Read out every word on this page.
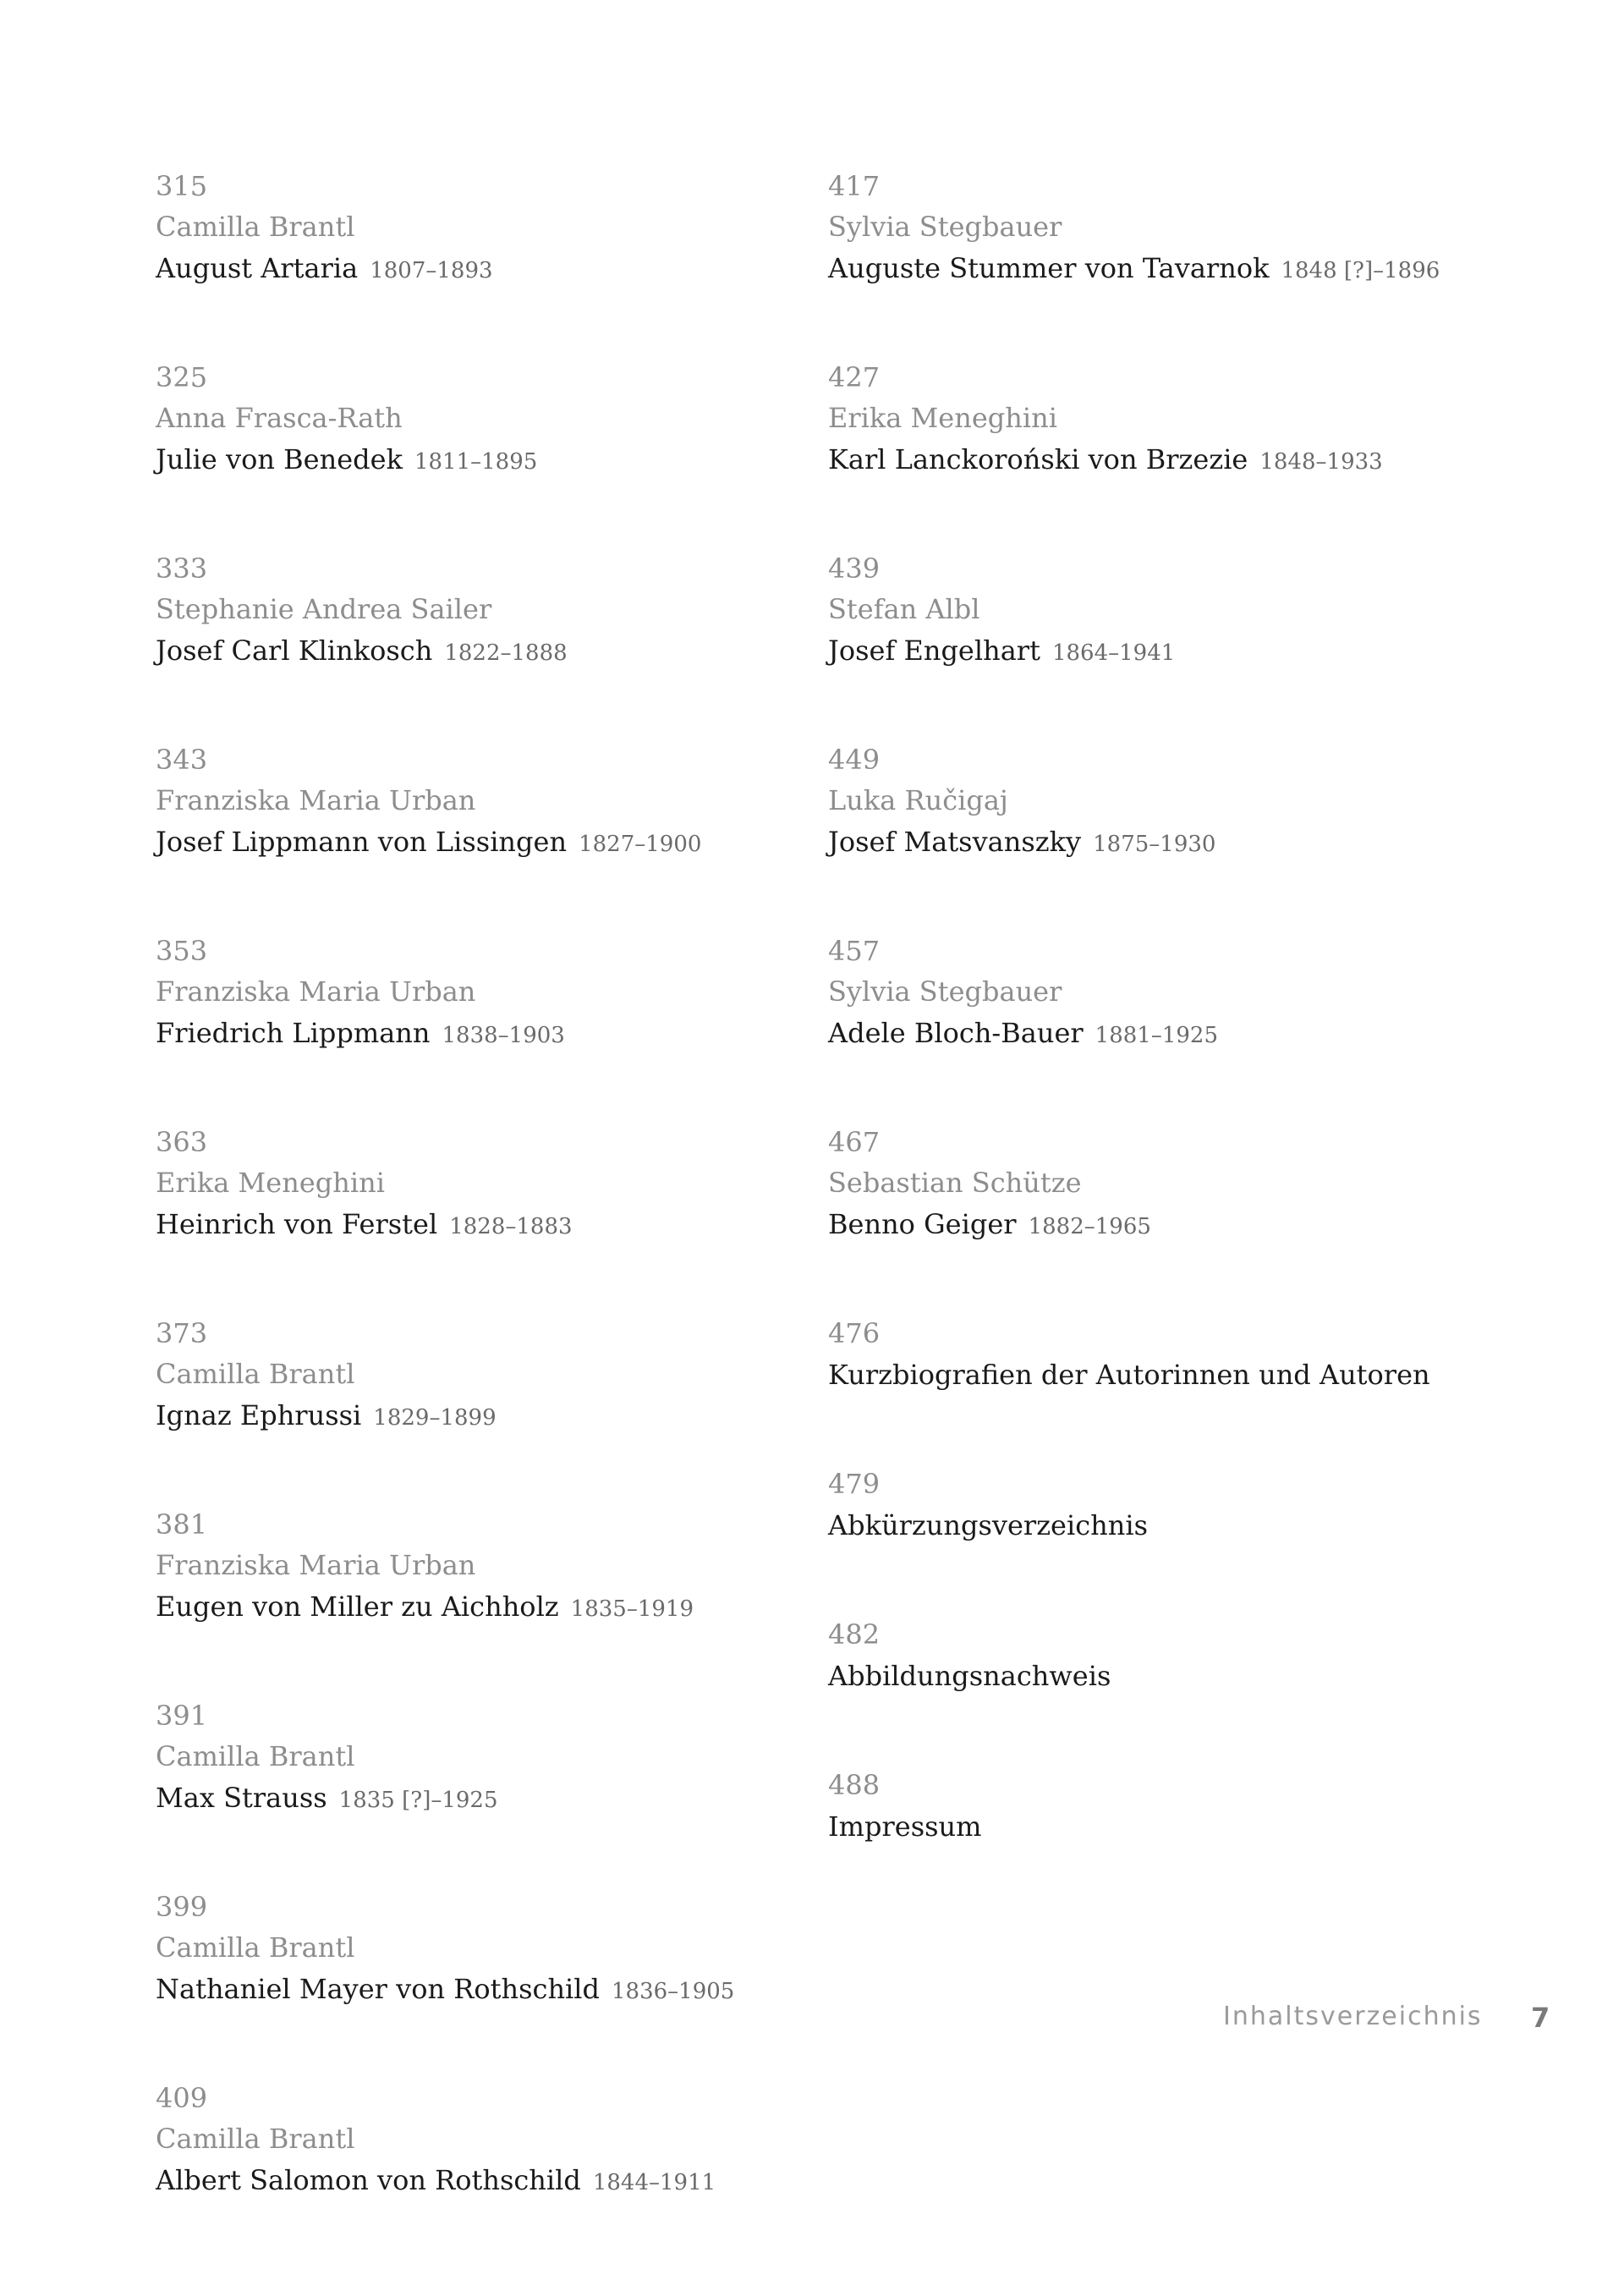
315
Camilla Brantl
August Artaria 1807–1893
325
Anna Frasca-Rath
Julie von Benedek 1811–1895
333
Stephanie Andrea Sailer
Josef Carl Klinkosch 1822–1888
343
Franziska Maria Urban
Josef Lippmann von Lissingen 1827–1900
353
Franziska Maria Urban
Friedrich Lippmann 1838–1903
363
Erika Meneghini
Heinrich von Ferstel 1828–1883
373
Camilla Brantl
Ignaz Ephrussi 1829–1899
381
Franziska Maria Urban
Eugen von Miller zu Aichholz 1835–1919
391
Camilla Brantl
Max Strauss 1835 [?]–1925
399
Camilla Brantl
Nathaniel Mayer von Rothschild 1836–1905
409
Camilla Brantl
Albert Salomon von Rothschild 1844–1911
417
Sylvia Stegbauer
Auguste Stummer von Tavarnok 1848 [?]–1896
427
Erika Meneghini
Karl Lanckoroński von Brzezie 1848–1933
439
Stefan Albl
Josef Engelhart 1864–1941
449
Luka Ručigaj
Josef Matsvanszky 1875–1930
457
Sylvia Stegbauer
Adele Bloch-Bauer 1881–1925
467
Sebastian Schütze
Benno Geiger 1882–1965
476
Kurzbiografien der Autorinnen und Autoren
479
Abkürzungsverzeichnis
482
Abbildungsnachweis
488
Impressum
Inhaltsverzeichnis 7
